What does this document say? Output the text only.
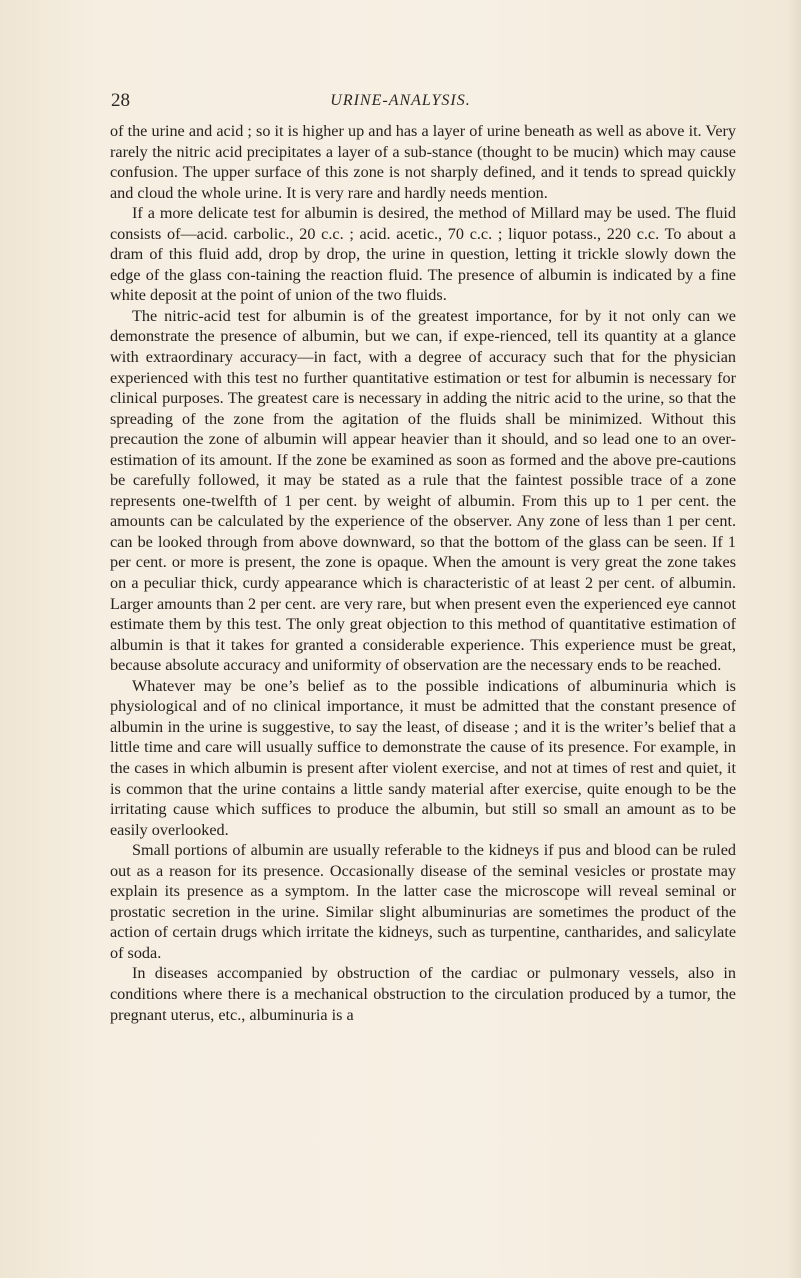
28	URINE-ANALYSIS.

of the urine and acid ; so it is higher up and has a layer of urine beneath as well as above it. Very rarely the nitric acid precipitates a layer of a sub-stance (thought to be mucin) which may cause confusion. The upper surface of this zone is not sharply defined, and it tends to spread quickly and cloud the whole urine. It is very rare and hardly needs mention.

If a more delicate test for albumin is desired, the method of Millard may be used. The fluid consists of—acid. carbolic., 20 c.c. ; acid. acetic., 70 c.c. ; liquor potass., 220 c.c. To about a dram of this fluid add, drop by drop, the urine in question, letting it trickle slowly down the edge of the glass con-taining the reaction fluid. The presence of albumin is indicated by a fine white deposit at the point of union of the two fluids.

The nitric-acid test for albumin is of the greatest importance, for by it not only can we demonstrate the presence of albumin, but we can, if expe-rienced, tell its quantity at a glance with extraordinary accuracy—in fact, with a degree of accuracy such that for the physician experienced with this test no further quantitative estimation or test for albumin is necessary for clinical purposes. The greatest care is necessary in adding the nitric acid to the urine, so that the spreading of the zone from the agitation of the fluids shall be minimized. Without this precaution the zone of albumin will appear heavier than it should, and so lead one to an over-estimation of its amount. If the zone be examined as soon as formed and the above pre-cautions be carefully followed, it may be stated as a rule that the faintest possible trace of a zone represents one-twelfth of 1 per cent. by weight of albumin. From this up to 1 per cent. the amounts can be calculated by the experience of the observer. Any zone of less than 1 per cent. can be looked through from above downward, so that the bottom of the glass can be seen. If 1 per cent. or more is present, the zone is opaque. When the amount is very great the zone takes on a peculiar thick, curdy appearance which is characteristic of at least 2 per cent. of albumin. Larger amounts than 2 per cent. are very rare, but when present even the experienced eye cannot estimate them by this test. The only great objection to this method of quantitative estimation of albumin is that it takes for granted a considerable experience. This experience must be great, because absolute accuracy and uniformity of observation are the necessary ends to be reached.

Whatever may be one’s belief as to the possible indications of albuminuria which is physiological and of no clinical importance, it must be admitted that the constant presence of albumin in the urine is suggestive, to say the least, of disease ; and it is the writer’s belief that a little time and care will usually suffice to demonstrate the cause of its presence. For example, in the cases in which albumin is present after violent exercise, and not at times of rest and quiet, it is common that the urine contains a little sandy material after exercise, quite enough to be the irritating cause which suffices to produce the albumin, but still so small an amount as to be easily overlooked.

Small portions of albumin are usually referable to the kidneys if pus and blood can be ruled out as a reason for its presence. Occasionally disease of the seminal vesicles or prostate may explain its presence as a symptom. In the latter case the microscope will reveal seminal or prostatic secretion in the urine. Similar slight albuminurias are sometimes the product of the action of certain drugs which irritate the kidneys, such as turpentine, cantharides, and salicylate of soda.

In diseases accompanied by obstruction of the cardiac or pulmonary vessels, also in conditions where there is a mechanical obstruction to the circulation produced by a tumor, the pregnant uterus, etc., albuminuria is a
